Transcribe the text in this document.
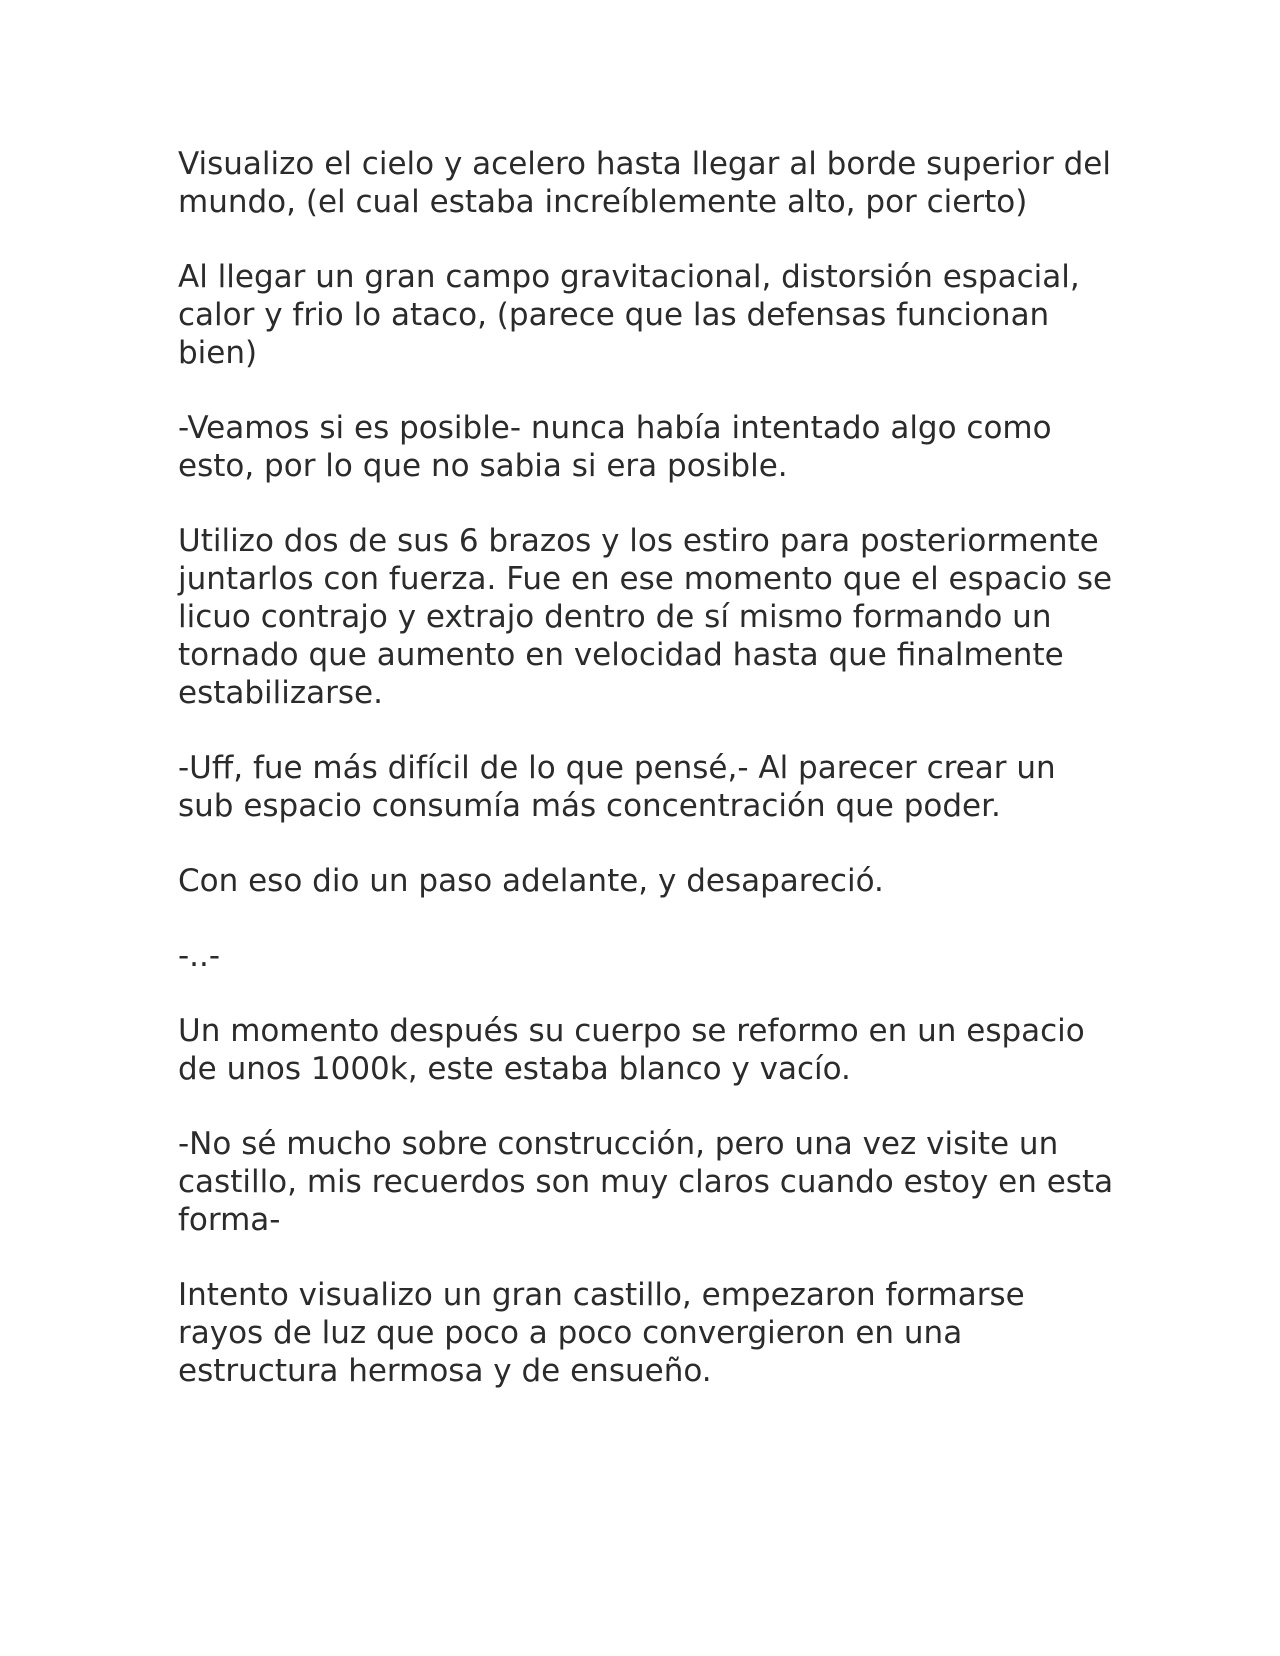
Visualizo el cielo y acelero hasta llegar al borde superior del mundo, (el cual estaba increíblemente alto, por cierto)

Al llegar un gran campo gravitacional, distorsión espacial, calor y frio lo ataco, (parece que las defensas funcionan bien)

-Veamos si es posible- nunca había intentado algo como esto, por lo que no sabia si era posible.

Utilizo dos de sus 6 brazos y los estiro para posteriormente juntarlos con fuerza. Fue en ese momento que el espacio se licuo contrajo y extrajo dentro de sí mismo formando un tornado que aumento en velocidad hasta que finalmente estabilizarse.

-Uff, fue más difícil de lo que pensé,- Al parecer crear un sub espacio consumía más concentración que poder.

Con eso dio un paso adelante, y desapareció.

-..-

Un momento después su cuerpo se reformo en un espacio de unos 1000k, este estaba blanco y vacío.

-No sé mucho sobre construcción, pero una vez visite un castillo, mis recuerdos son muy claros cuando estoy en esta forma-

Intento visualizo un gran castillo, empezaron formarse rayos de luz que poco a poco convergieron en una estructura hermosa y de ensueño.
